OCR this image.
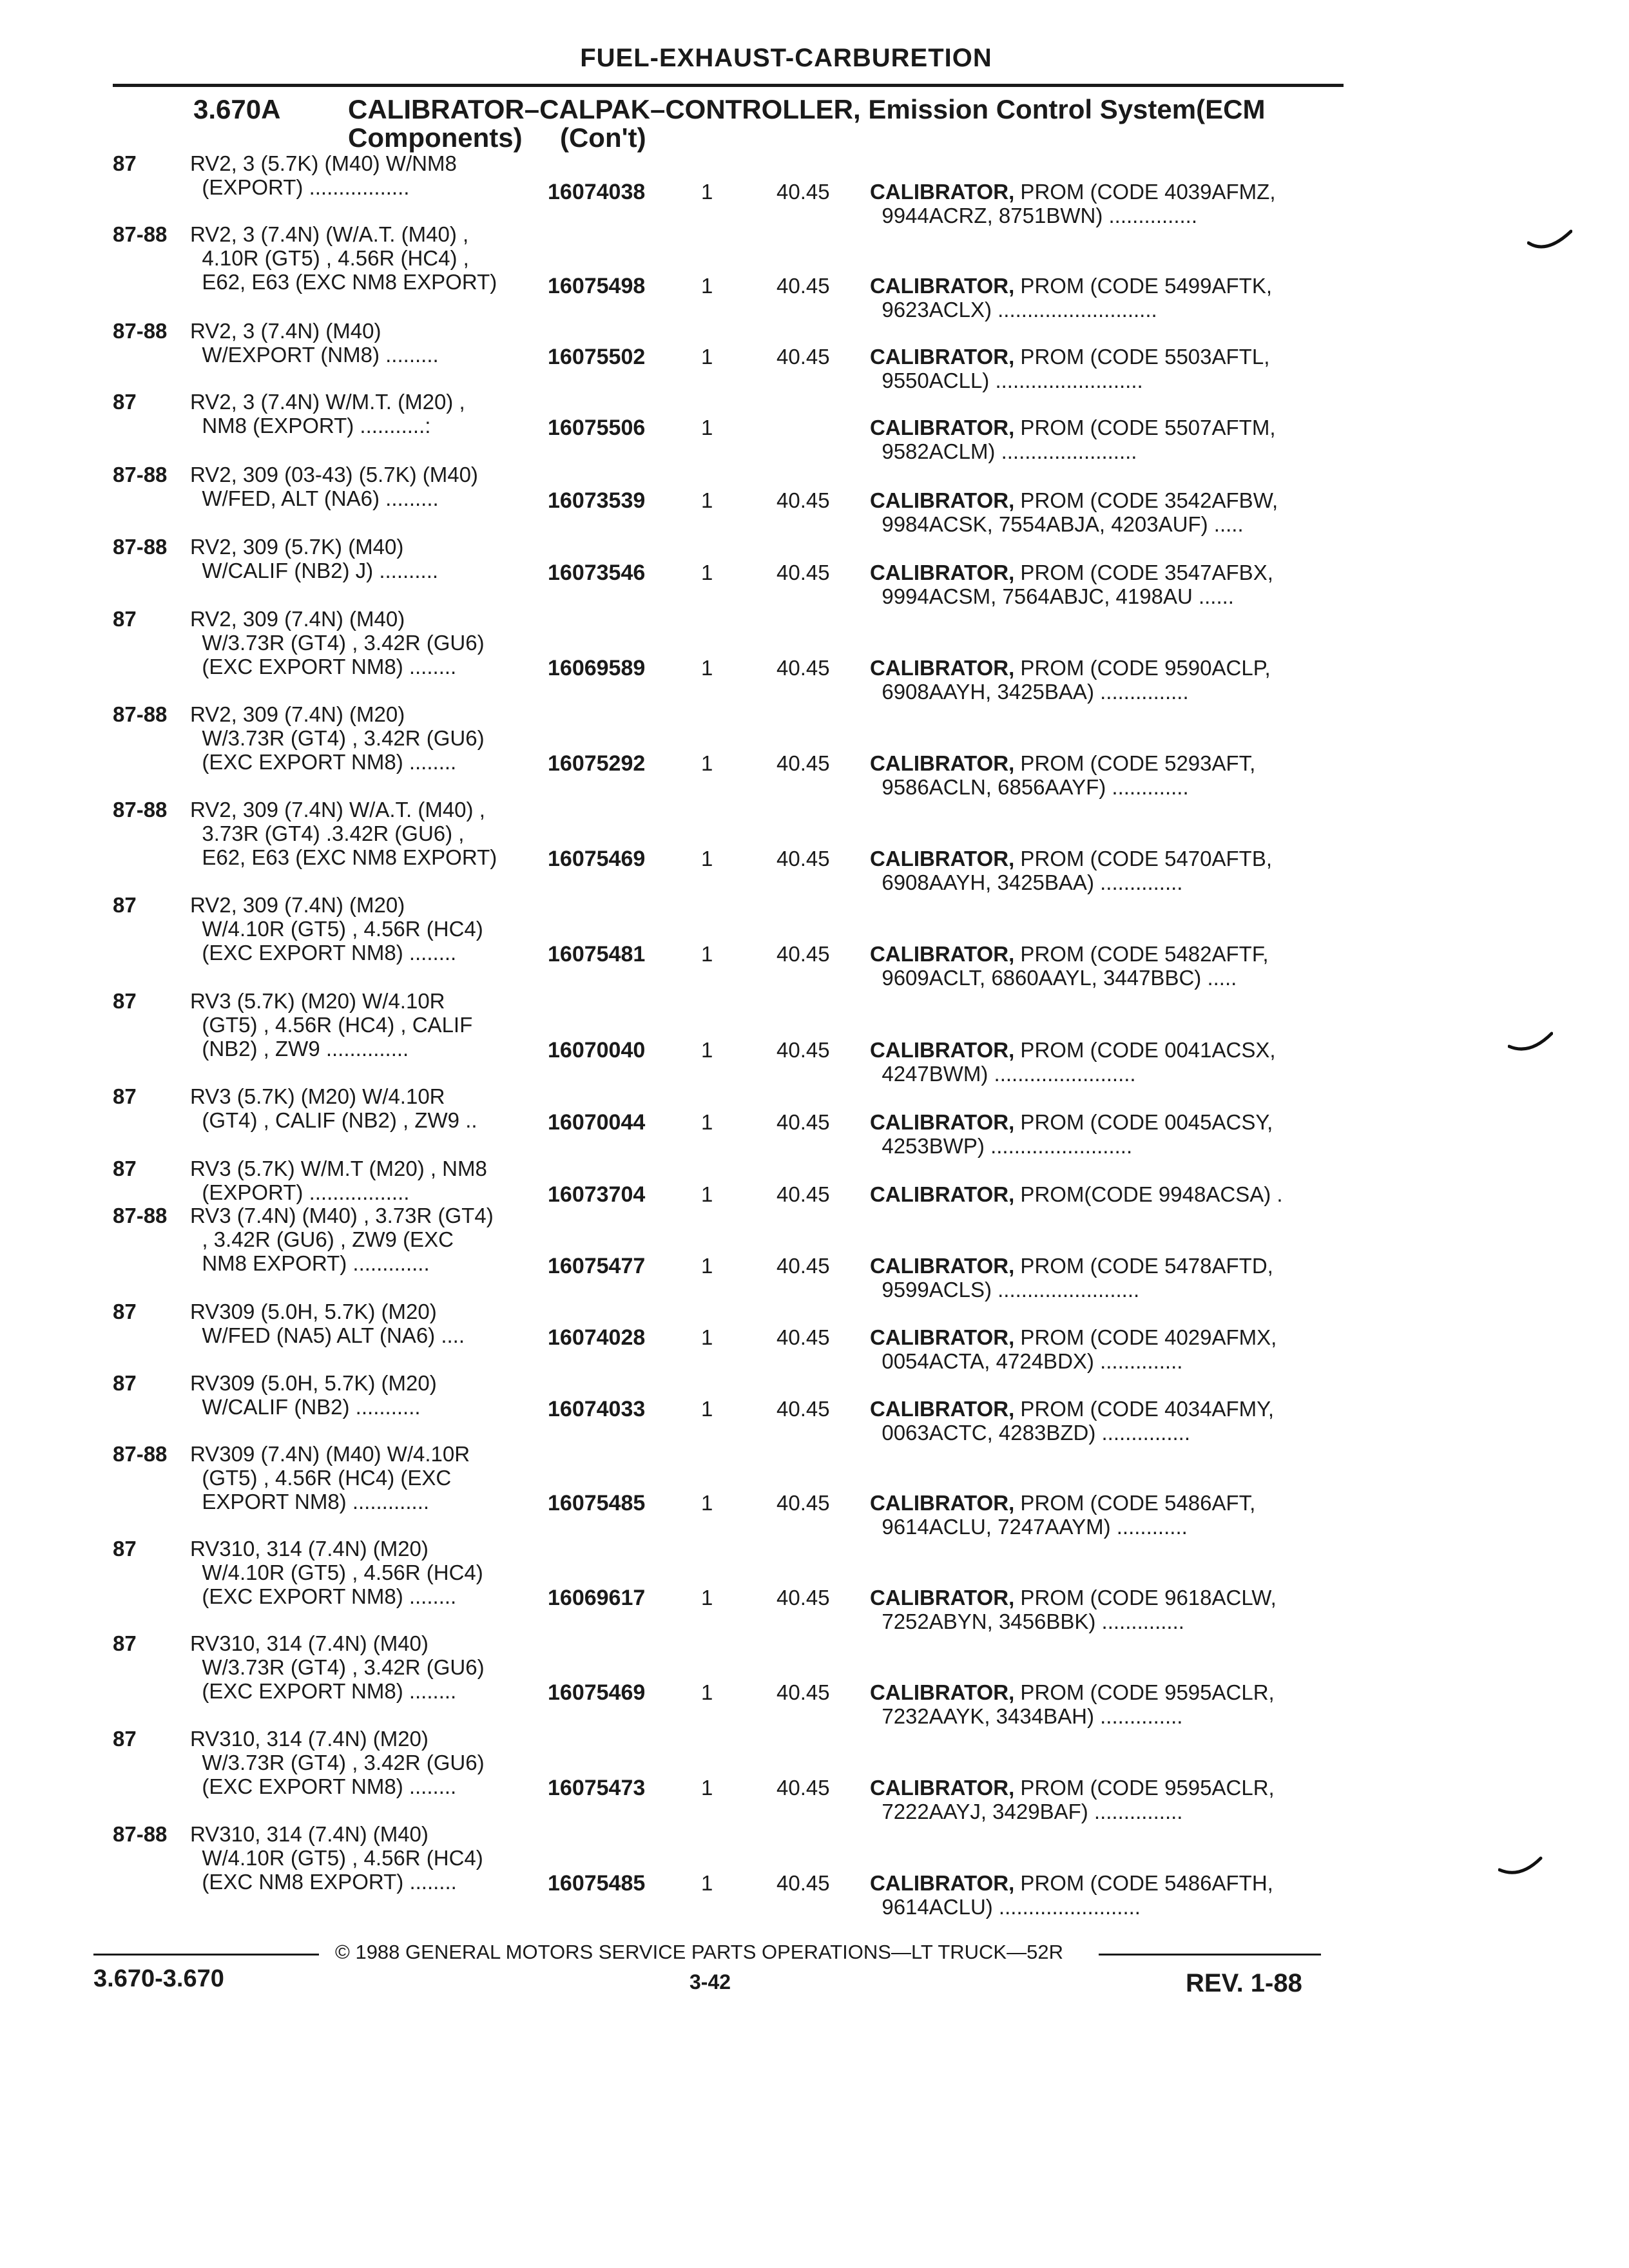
FUEL-EXHAUST-CARBURETION
3.670A CALIBRATOR–CALPAK–CONTROLLER, Emission Control System(ECM
Components)     (Con't)
87	RV2, 3 (5.7K) (M40) W/NM8
(EXPORT) .................	16074038	1	40.45 CALIBRATOR, PROM (CODE 4039AFMZ,
9944ACRZ, 8751BWN) ...............
87-88 RV2, 3 (7.4N) (W/A.T. (M40) ,
4.10R (GT5) , 4.56R (HC4) ,
E62, E63 (EXC NM8 EXPORT) 16075498	1	40.45 CALIBRATOR, PROM (CODE 5499AFTK,
9623ACLX) ...........................
87-88 RV2, 3 (7.4N) (M40)
W/EXPORT (NM8) .........	16075502	1	40.45 CALIBRATOR, PROM (CODE 5503AFTL,
9550ACLL) .........................
87	RV2, 3 (7.4N) W/M.T. (M20) ,
NM8 (EXPORT) ...........:	16075506	1	CALIBRATOR, PROM (CODE 5507AFTM,
9582ACLM) .......................
87-88 RV2, 309 (03-43) (5.7K) (M40)
W/FED, ALT (NA6) .........	16073539	1	40.45 CALIBRATOR, PROM (CODE 3542AFBW,
9984ACSK, 7554ABJA, 4203AUF) .....
87-88 RV2, 309 (5.7K) (M40)
W/CALIF (NB2) J) ..........	16073546	1	40.45 CALIBRATOR, PROM (CODE 3547AFBX,
9994ACSM, 7564ABJC, 4198AU ......
87	RV2, 309 (7.4N) (M40)
W/3.73R (GT4) , 3.42R (GU6)
(EXC EXPORT NM8) ........	16069589	1	40.45 CALIBRATOR, PROM (CODE 9590ACLP,
6908AAYH, 3425BAA) ...............
87-88 RV2, 309 (7.4N) (M20)
W/3.73R (GT4) , 3.42R (GU6)
(EXC EXPORT NM8) ........	16075292	1	40.45 CALIBRATOR, PROM (CODE 5293AFT,
9586ACLN, 6856AAYF) .............
87-88 RV2, 309 (7.4N) W/A.T. (M40) ,
3.73R (GT4) .3.42R (GU6) ,
E62, E63 (EXC NM8 EXPORT) 16075469	1	40.45 CALIBRATOR, PROM (CODE 5470AFTB,
6908AAYH, 3425BAA) ..............
87	RV2, 309 (7.4N) (M20)
W/4.10R (GT5) , 4.56R (HC4)
(EXC EXPORT NM8) ........	16075481	1	40.45 CALIBRATOR, PROM (CODE 5482AFTF,
9609ACLT, 6860AAYL, 3447BBC) .....
87	RV3 (5.7K) (M20) W/4.10R
(GT5) , 4.56R (HC4) , CALIF
(NB2) , ZW9 ..............	16070040	1	40.45 CALIBRATOR, PROM (CODE 0041ACSX,
4247BWM) ........................
87	RV3 (5.7K) (M20) W/4.10R
(GT4) , CALIF (NB2) , ZW9 ..	16070044	1	40.45 CALIBRATOR, PROM (CODE 0045ACSY,
4253BWP) ........................
87	RV3 (5.7K) W/M.T (M20) , NM8
(EXPORT) .................	16073704	1	40.45 CALIBRATOR, PROM(CODE 9948ACSA) .
87-88 RV3 (7.4N) (M40) , 3.73R (GT4)
, 3.42R (GU6) , ZW9 (EXC
NM8 EXPORT) .............	16075477	1	40.45 CALIBRATOR, PROM (CODE 5478AFTD,
9599ACLS) ........................
87	RV309 (5.0H, 5.7K) (M20)
W/FED (NA5) ALT (NA6) ....	16074028	1	40.45 CALIBRATOR, PROM (CODE 4029AFMX,
0054ACTA, 4724BDX) ..............
87	RV309 (5.0H, 5.7K) (M20)
W/CALIF (NB2) ...........	16074033	1	40.45 CALIBRATOR, PROM (CODE 4034AFMY,
0063ACTC, 4283BZD) ...............
87-88 RV309 (7.4N) (M40) W/4.10R
(GT5) , 4.56R (HC4) (EXC
EXPORT NM8) .............	16075485	1	40.45 CALIBRATOR, PROM (CODE 5486AFT,
9614ACLU, 7247AAYM) ............
87	RV310, 314 (7.4N) (M20)
W/4.10R (GT5) , 4.56R (HC4)
(EXC EXPORT NM8) ........	16069617	1	40.45 CALIBRATOR, PROM (CODE 9618ACLW,
7252ABYN, 3456BBK) ..............
87	RV310, 314 (7.4N) (M40)
W/3.73R (GT4) , 3.42R (GU6)
(EXC EXPORT NM8) ........	16075469	1	40.45 CALIBRATOR, PROM (CODE 9595ACLR,
7232AAYK, 3434BAH) ..............
87	RV310, 314 (7.4N) (M20)
W/3.73R (GT4) , 3.42R (GU6)
(EXC EXPORT NM8) ........	16075473	1	40.45 CALIBRATOR, PROM (CODE 9595ACLR,
7222AAYJ, 3429BAF) ...............
87-88 RV310, 314 (7.4N) (M40)
W/4.10R (GT5) , 4.56R (HC4)
(EXC NM8 EXPORT) ........	16075485	1	40.45 CALIBRATOR, PROM (CODE 5486AFTH,
9614ACLU) ........................
© 1988 GENERAL MOTORS SERVICE PARTS OPERATIONS—LT TRUCK—52R
3.670-3.670	3-42	REV. 1-88
